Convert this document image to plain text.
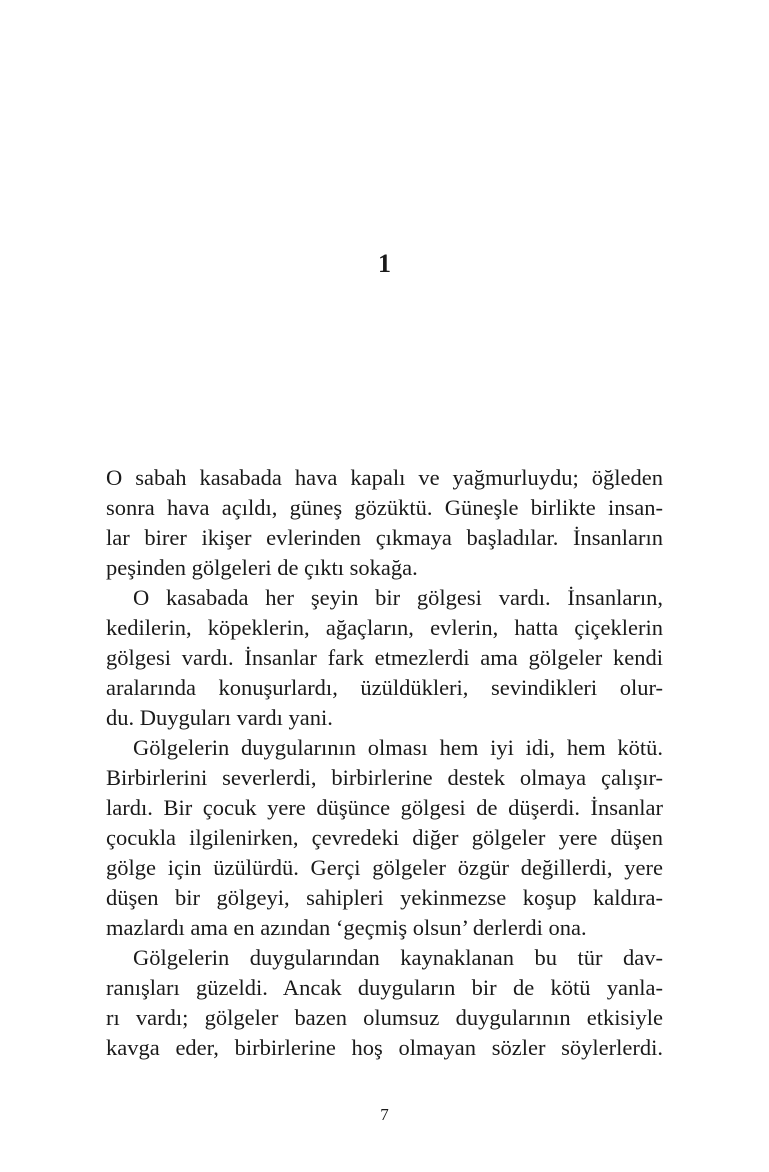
1
O sabah kasabada hava kapalı ve yağmurluydu; öğleden
sonra hava açıldı, güneş gözüktü. Güneşle birlikte insan-
lar birer ikişer evlerinden çıkmaya başladılar. İnsanların
peşinden gölgeleri de çıktı sokağa.
O kasabada her şeyin bir gölgesi vardı. İnsanların,
kedilerin, köpeklerin, ağaçların, evlerin, hatta çiçeklerin
gölgesi vardı. İnsanlar fark etmezlerdi ama gölgeler kendi
aralarında konuşurlardı, üzüldükleri, sevindikleri olur-
du. Duyguları vardı yani.
Gölgelerin duygularının olması hem iyi idi, hem kötü.
Birbirlerini severlerdi, birbirlerine destek olmaya çalışır-
lardı. Bir çocuk yere düşünce gölgesi de düşerdi. İnsanlar
çocukla ilgilenirken, çevredeki diğer gölgeler yere düşen
gölge için üzülürdü. Gerçi gölgeler özgür değillerdi, yere
düşen bir gölgeyi, sahipleri yekinmezse koşup kaldıra-
mazlardı ama en azından ‘geçmiş olsun’ derlerdi ona.
Gölgelerin duygularından kaynaklanan bu tür dav-
ranışları güzeldi. Ancak duyguların bir de kötü yanla-
rı vardı; gölgeler bazen olumsuz duygularının etkisiyle
kavga eder, birbirlerine hoş olmayan sözler söylerlerdi.
7
